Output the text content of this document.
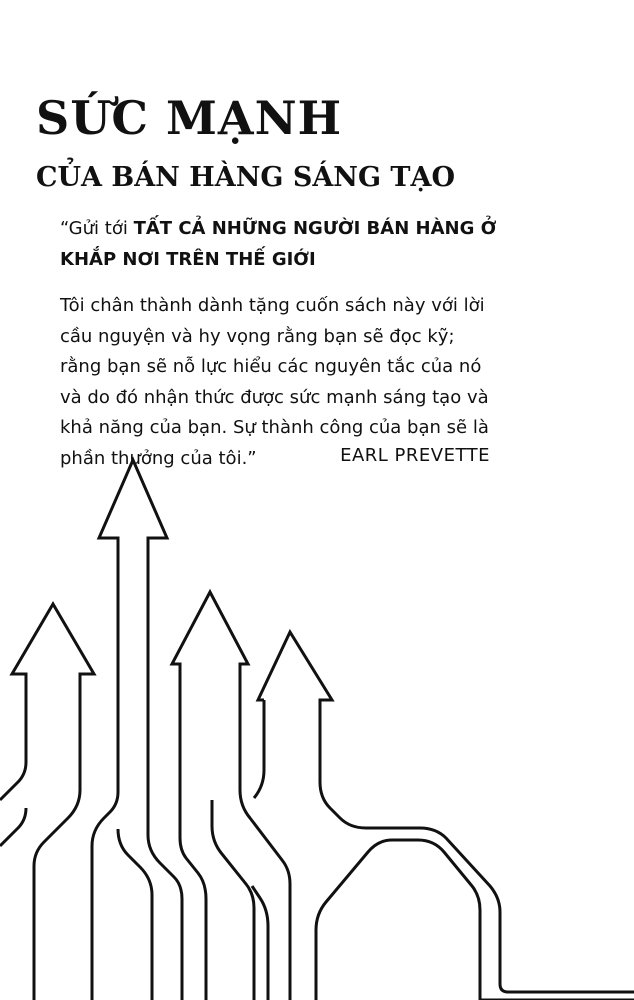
SỨC MẠNH
CỦA BÁN HÀNG SÁNG TẠO

“Gửi tới TẤT CẢ NHỮNG NGƯỜI BÁN HÀNG Ở KHẮP NƠI TRÊN THẾ GIỚI

Tôi chân thành dành tặng cuốn sách này với lời cầu nguyện và hy vọng rằng bạn sẽ đọc kỹ; rằng bạn sẽ nỗ lực hiểu các nguyên tắc của nó và do đó nhận thức được sức mạnh sáng tạo và khả năng của bạn. Sự thành công của bạn sẽ là phần thưởng của tôi.”	EARL PREVETTE
